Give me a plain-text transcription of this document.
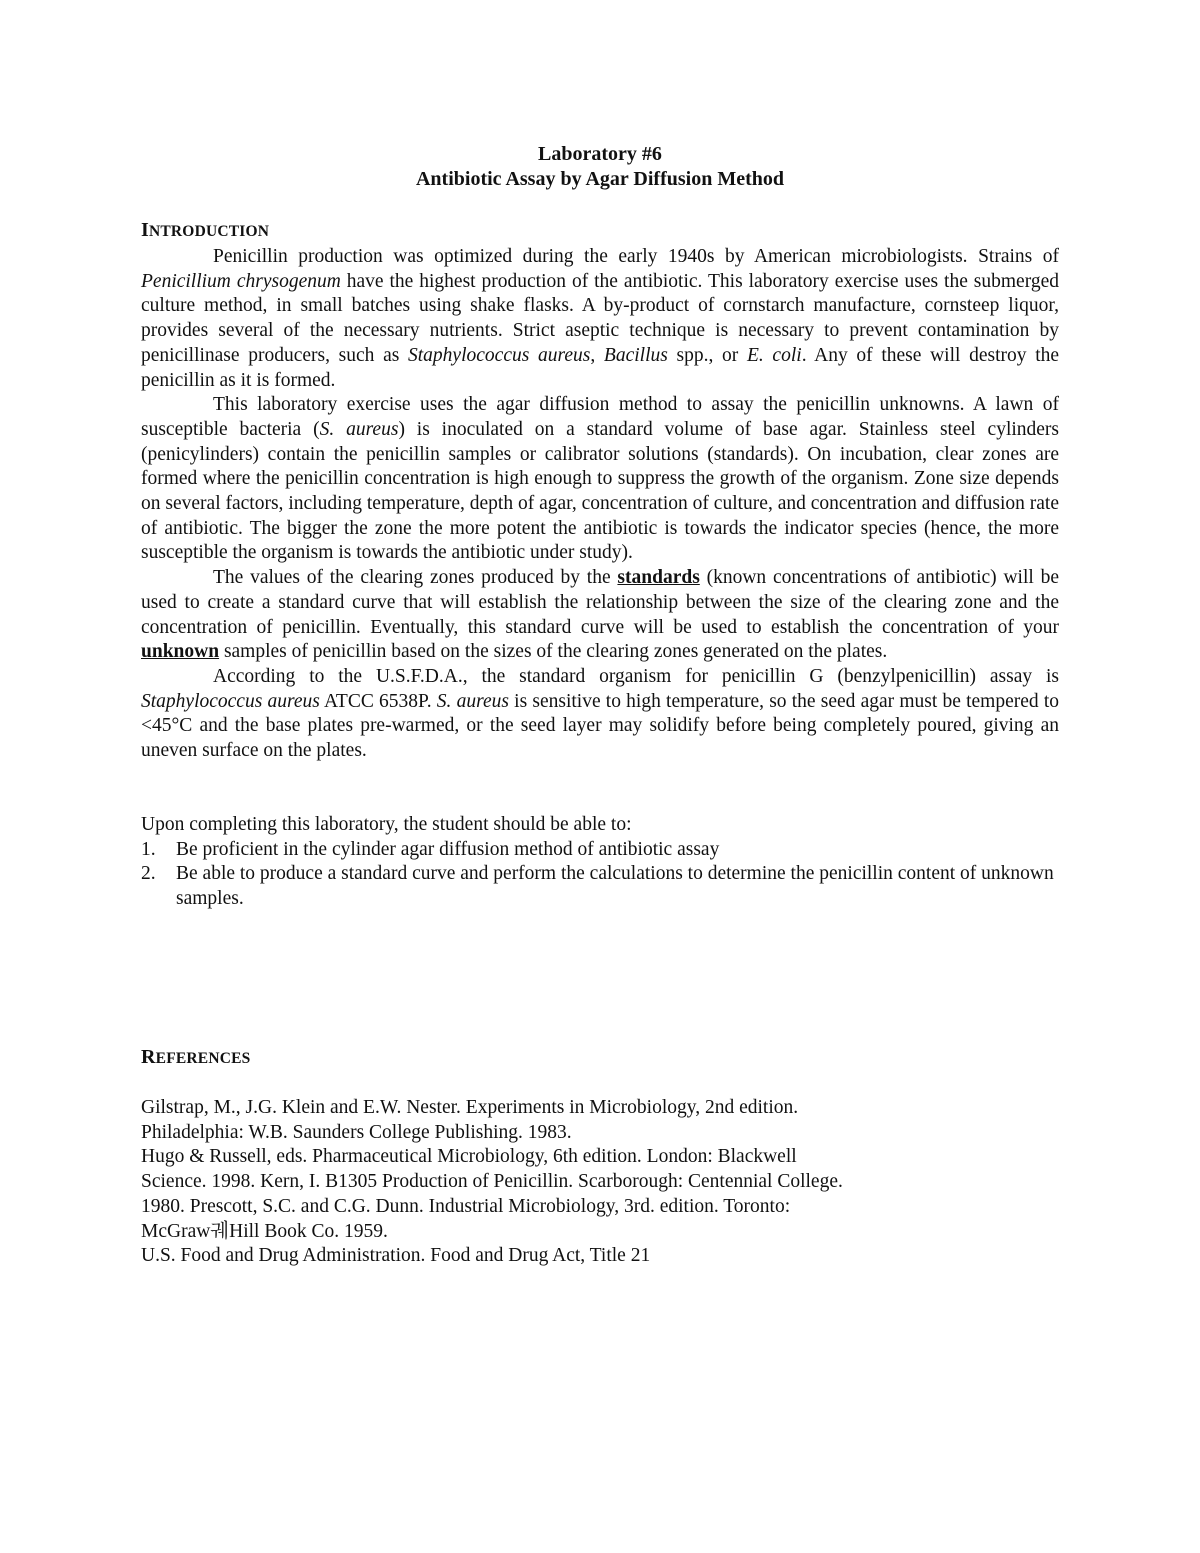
Laboratory #6
Antibiotic Assay by Agar Diffusion Method
INTRODUCTION

Penicillin production was optimized during the early 1940s by American microbiologists. Strains of Penicillium chrysogenum have the highest production of the antibiotic. This laboratory exercise uses the submerged culture method, in small batches using shake flasks. A by-product of cornstarch manufacture, cornsteep liquor, provides several of the necessary nutrients. Strict aseptic technique is necessary to prevent contamination by penicillinase producers, such as Staphylococcus aureus, Bacillus spp., or E. coli. Any of these will destroy the penicillin as it is formed.

This laboratory exercise uses the agar diffusion method to assay the penicillin unknowns. A lawn of susceptible bacteria (S. aureus) is inoculated on a standard volume of base agar. Stainless steel cylinders (penicylinders) contain the penicillin samples or calibrator solutions (standards). On incubation, clear zones are formed where the penicillin concentration is high enough to suppress the growth of the organism. Zone size depends on several factors, including temperature, depth of agar, concentration of culture, and concentration and diffusion rate of antibiotic. The bigger the zone the more potent the antibiotic is towards the indicator species (hence, the more susceptible the organism is towards the antibiotic under study).

The values of the clearing zones produced by the standards (known concentrations of antibiotic) will be used to create a standard curve that will establish the relationship between the size of the clearing zone and the concentration of penicillin. Eventually, this standard curve will be used to establish the concentration of your unknown samples of penicillin based on the sizes of the clearing zones generated on the plates.

According to the U.S.F.D.A., the standard organism for penicillin G (benzylpenicillin) assay is Staphylococcus aureus ATCC 6538P. S. aureus is sensitive to high temperature, so the seed agar must be tempered to <45°C and the base plates pre-warmed, or the seed layer may solidify before being completely poured, giving an uneven surface on the plates.

Upon completing this laboratory, the student should be able to:

1.	Be proficient in the cylinder agar diffusion method of antibiotic assay
2.	Be able to produce a standard curve and perform the calculations to determine the penicillin content of unknown samples.
REFERENCES

Gilstrap, M., J.G. Klein and E.W. Nester. Experiments in Microbiology, 2nd edition.

Philadelphia: W.B. Saunders College Publishing. 1983.

Hugo & Russell, eds. Pharmaceutical Microbiology, 6th edition. London: Blackwell

Science. 1998. Kern, I. B1305 Production of Penicillin. Scarborough: Centennial College.

1980. Prescott, S.C. and C.G. Dunn. Industrial Microbiology, 3rd. edition. Toronto:

McGraw궤Hill Book Co. 1959.

U.S. Food and Drug Administration. Food and Drug Act, Title 21
